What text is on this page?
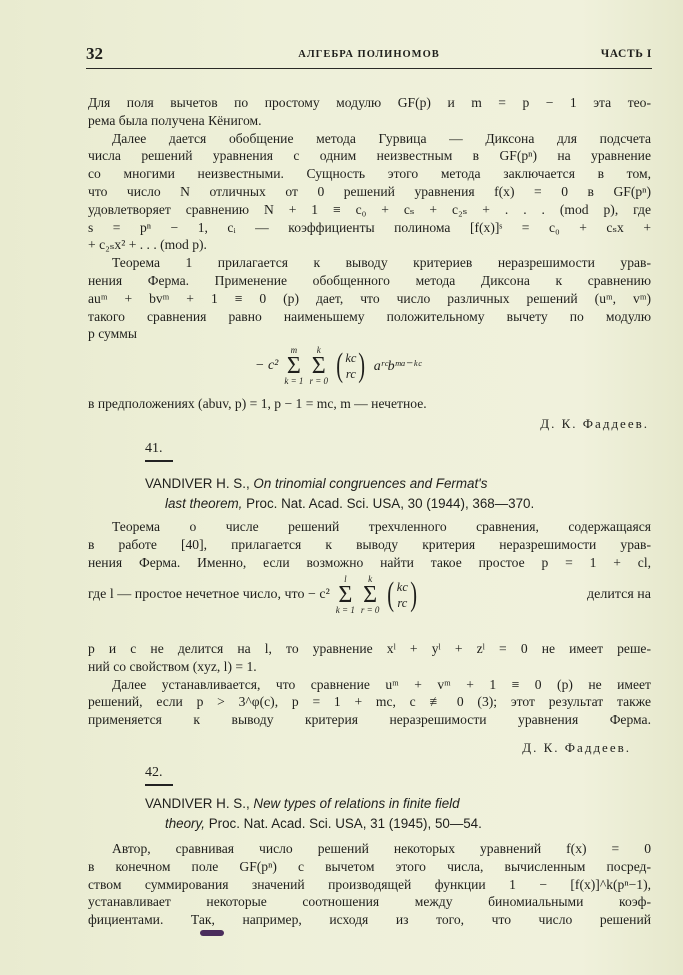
32	АЛГЕБРА ПОЛИНОМОВ	ЧАСТЬ I
Для поля вычетов по простому модулю GF(p) и m = p − 1 эта тео-
рема была получена Кёнигом.
Далее дается обобщение метода Гурвица — Диксона для подсчета
числа решений уравнения с одним неизвестным в GF(pⁿ) на уравнение
со многими неизвестными. Сущность этого метода заключается в том,
что число N отличных от 0 решений уравнения f(x) = 0 в GF(pⁿ)
удовлетворяет сравнению N + 1 ≡ c₀ + cₛ + c₂ₛ + . . . (mod p), где
s = pⁿ − 1, cᵢ — коэффициенты полинома [f(x)]ˢ = c₀ + cₛx +
+ c₂ₛx² + . . . (mod p).
Теорема 1 прилагается к выводу критериев неразрешимости урав-
нения Ферма. Применение обобщенного метода Диксона к сравнению
auᵐ + bvᵐ + 1 ≡ 0 (p) дает, что число различных решений (uᵐ, vᵐ)
такого сравнения равно наименьшему положительному вычету по модулю
p суммы
− c²
m
Σ
k = 1
k
Σ
r = 0 ( kc
rc ) aʳᶜbᵐᵃ⁻ᵏᶜ
в предположениях (abuv, p) = 1, p − 1 = mc, m — нечетное.
Д. К. Фаддеев.
41.
VANDIVER H. S., On trinomial congruences and Fermat's
last theorem, Proc. Nat. Acad. Sci. USA, 30 (1944), 368—370.
Теорема о числе решений трехчленного сравнения, содержащаяся
в работе [40], прилагается к выводу критерия неразрешимости урав-
нения Ферма. Именно, если возможно найти такое простое p = 1 + cl,
где l — простое нечетное число, что − c²
l
Σ
k = 1
k
Σ
r = 0 ( kc
rc )	делится на
p и c не делится на l, то уравнение xˡ + yˡ + zˡ = 0 не имеет реше-
ний со свойством (xyz, l) = 1.
Далее устанавливается, что сравнение uᵐ + vᵐ + 1 ≡ 0 (p) не имеет
решений, если p > 3^φ(c), p = 1 + mc, c ≢ 0 (3); этот результат также
применяется к выводу критерия неразрешимости уравнения Ферма.
Д. К. Фаддеев.
42.
VANDIVER H. S., New types of relations in finite field
theory, Proc. Nat. Acad. Sci. USA, 31 (1945), 50—54.
Автор, сравнивая число решений некоторых уравнений f(x) = 0
в конечном поле GF(pⁿ) с вычетом этого числа, вычисленным посред-
ством суммирования значений производящей функции 1 − [f(x)]^k(pⁿ−1),
устанавливает некоторые соотношения между биномиальными коэф-
фициентами. Так, например, исходя из того, что число решений
